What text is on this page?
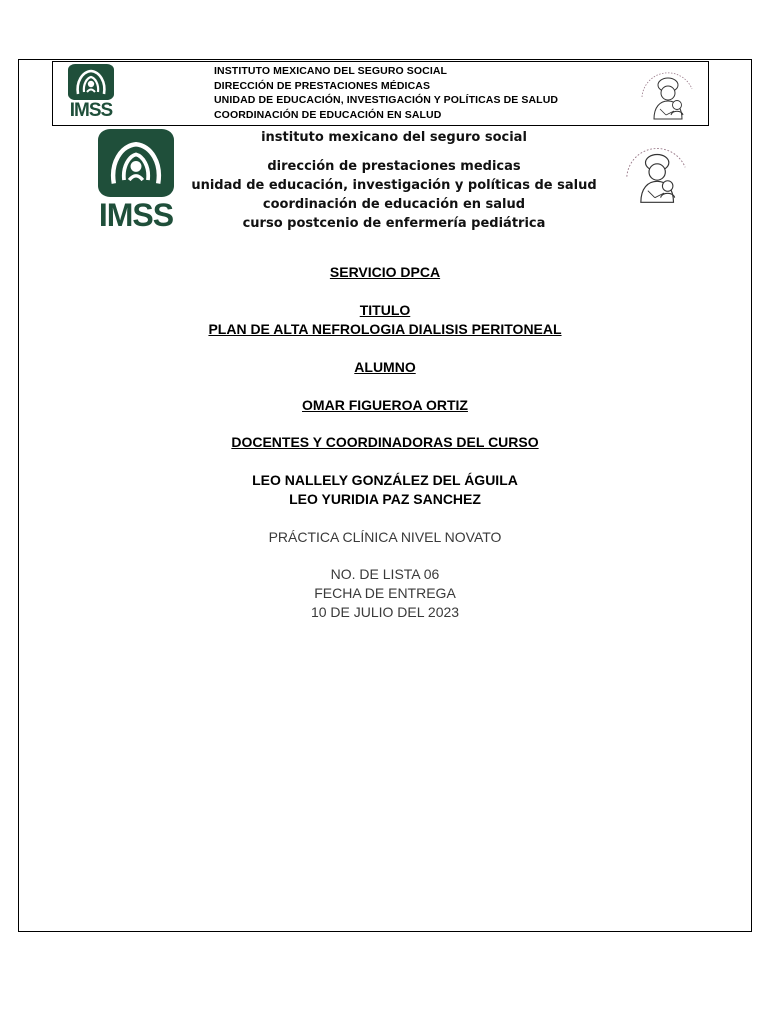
IMSS
INSTITUTO MEXICANO DEL SEGURO SOCIAL
DIRECCIÓN DE PRESTACIONES MÉDICAS
UNIDAD DE EDUCACIÓN, INVESTIGACIÓN Y POLÍTICAS DE SALUD
COORDINACIÓN DE EDUCACIÓN EN SALUD
IMSS
instituto mexicano del seguro social
dirección de prestaciones medicas
unidad de educación, investigación y políticas de salud
coordinación de educación en salud
curso postcenio de enfermería pediátrica
SERVICIO DPCA
TITULO
PLAN DE ALTA NEFROLOGIA DIALISIS PERITONEAL
ALUMNO
OMAR FIGUEROA ORTIZ
DOCENTES Y COORDINADORAS DEL CURSO
LEO NALLELY GONZÁLEZ DEL ÁGUILA
LEO YURIDIA PAZ SANCHEZ
PRÁCTICA CLÍNICA NIVEL NOVATO
NO. DE LISTA 06
FECHA DE ENTREGA
10 DE JULIO DEL 2023
